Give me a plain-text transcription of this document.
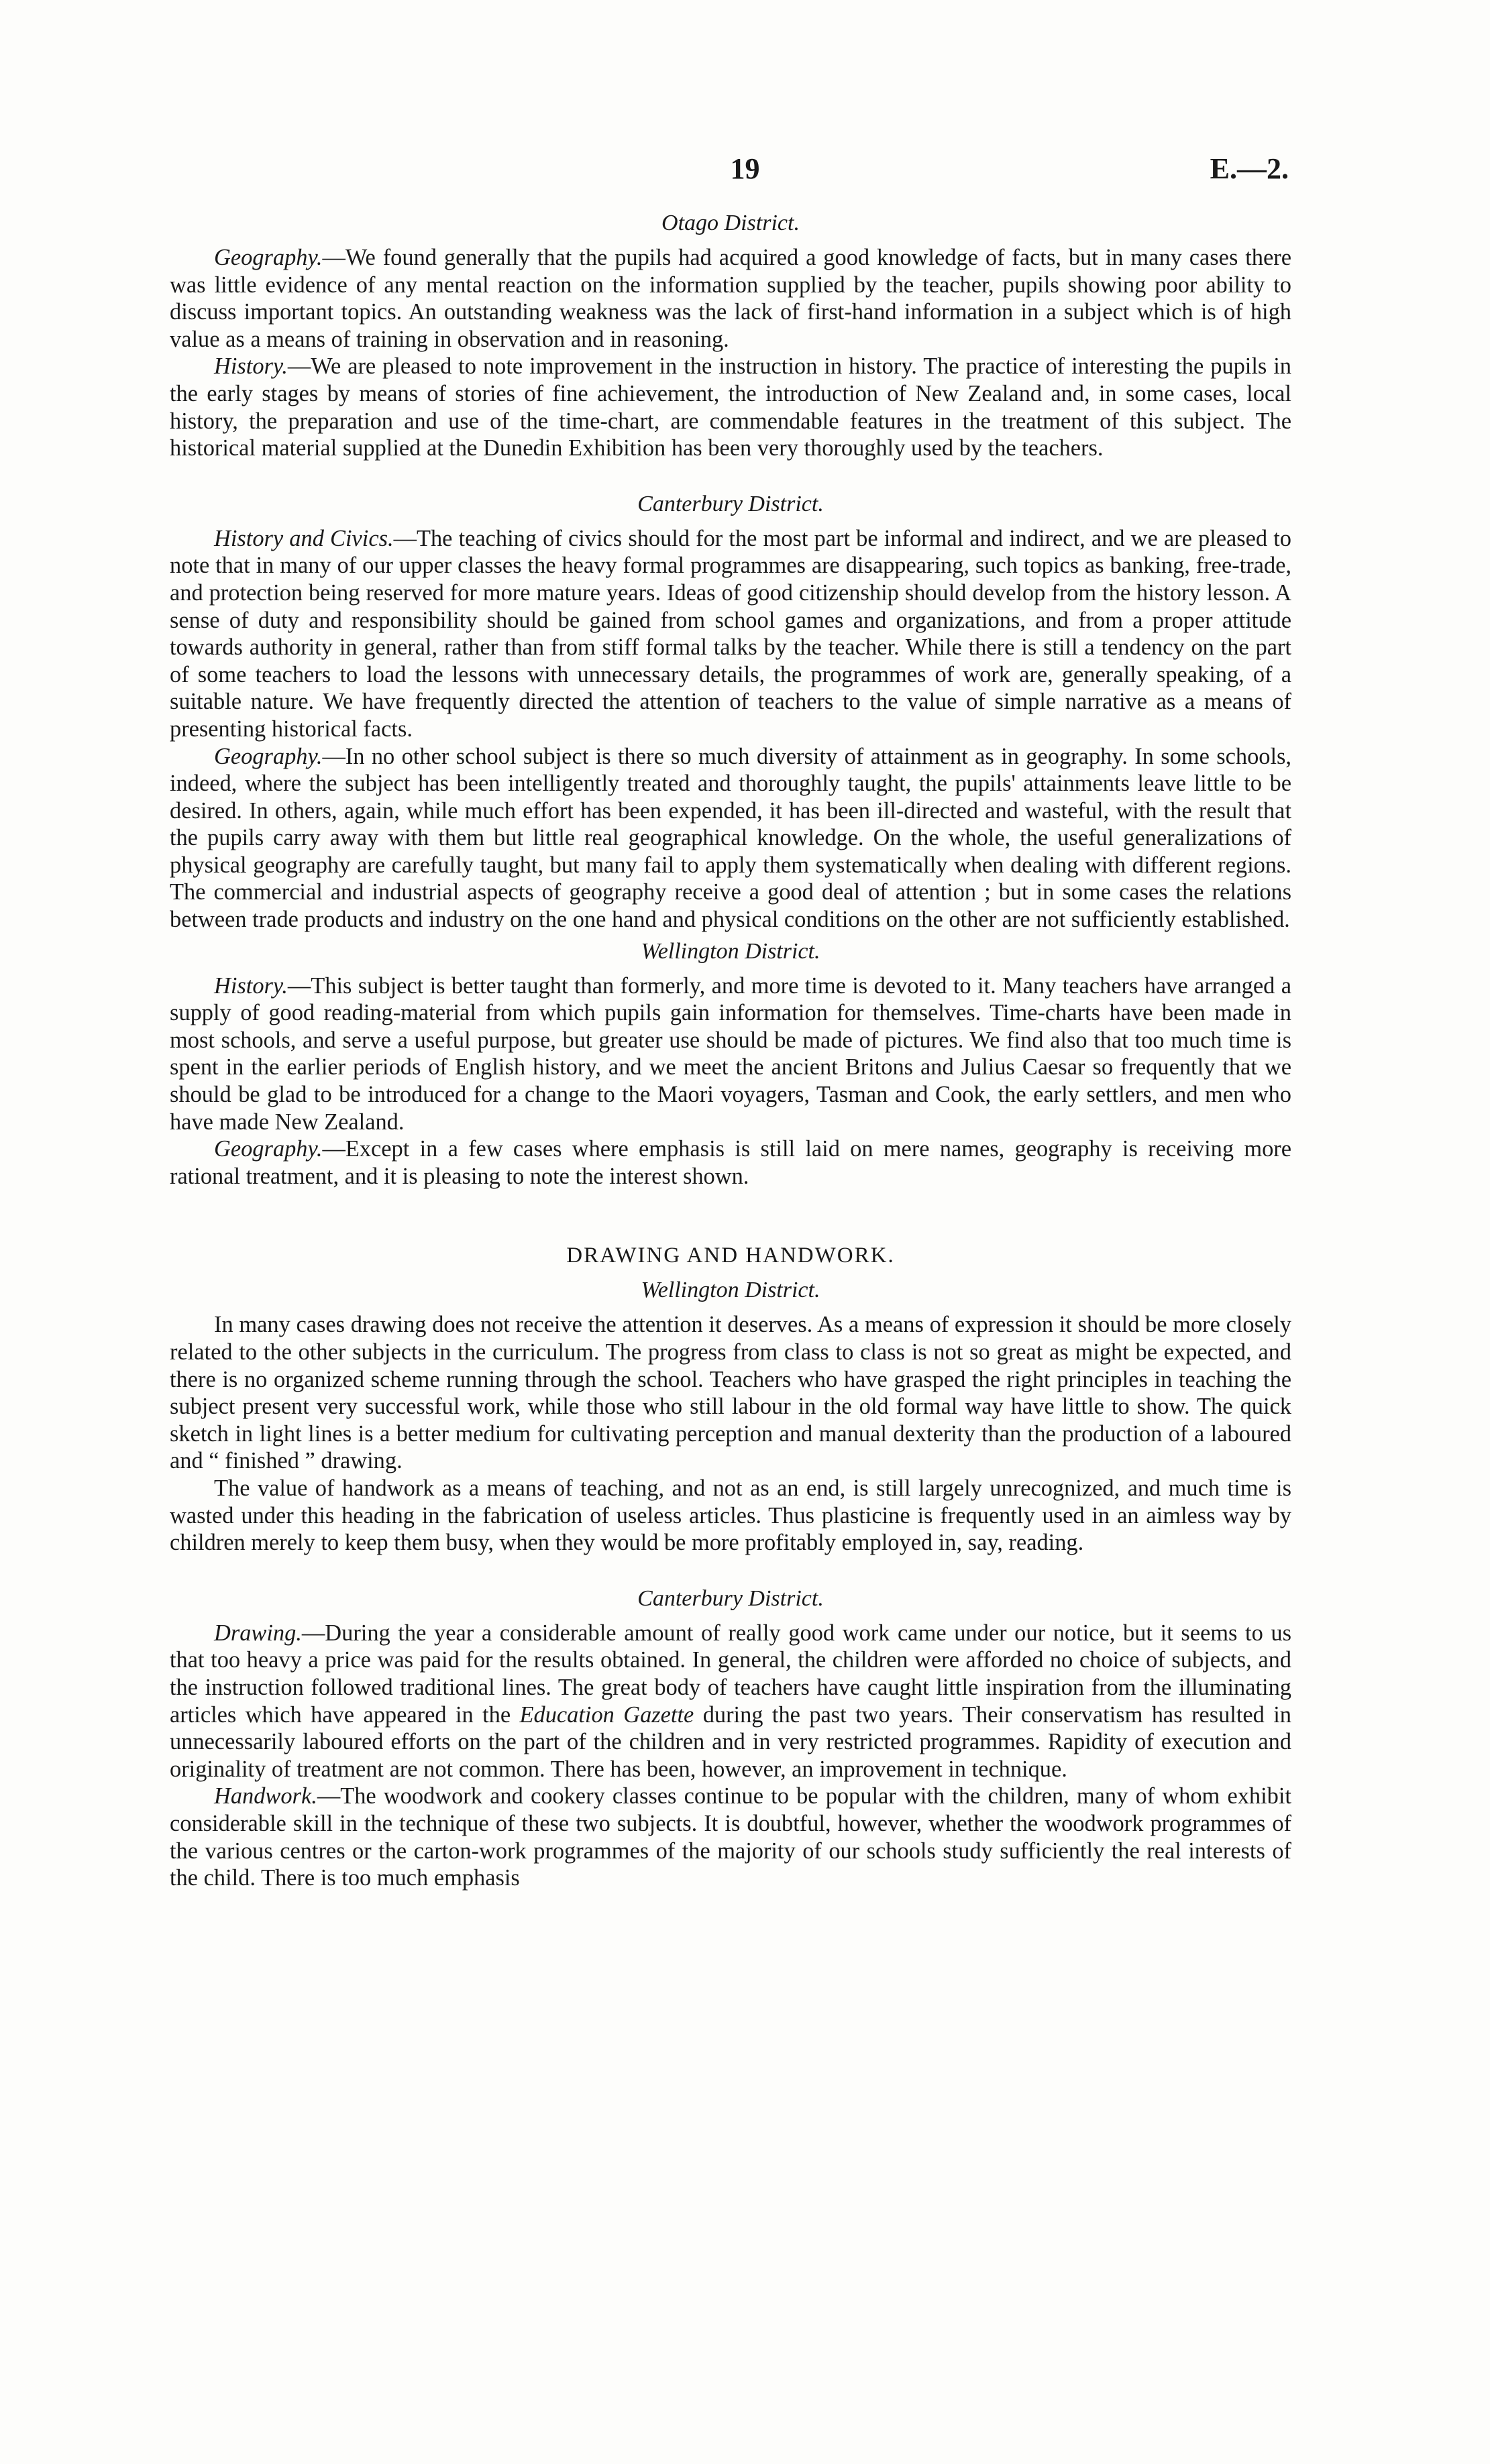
19	E.—2.
Otago District.

Geography.—We found generally that the pupils had acquired a good knowledge of facts, but in many cases there was little evidence of any mental reaction on the information supplied by the teacher, pupils showing poor ability to discuss important topics. An outstanding weakness was the lack of first-hand information in a subject which is of high value as a means of training in observation and in reasoning.

History.—We are pleased to note improvement in the instruction in history. The practice of interesting the pupils in the early stages by means of stories of fine achievement, the introduction of New Zealand and, in some cases, local history, the preparation and use of the time-chart, are commendable features in the treatment of this subject. The historical material supplied at the Dunedin Exhibition has been very thoroughly used by the teachers.

Canterbury District.

History and Civics.—The teaching of civics should for the most part be informal and indirect, and we are pleased to note that in many of our upper classes the heavy formal programmes are disappearing, such topics as banking, free-trade, and protection being reserved for more mature years. Ideas of good citizenship should develop from the history lesson. A sense of duty and responsibility should be gained from school games and organizations, and from a proper attitude towards authority in general, rather than from stiff formal talks by the teacher. While there is still a tendency on the part of some teachers to load the lessons with unnecessary details, the programmes of work are, generally speaking, of a suitable nature. We have frequently directed the attention of teachers to the value of simple narrative as a means of presenting historical facts.

Geography.—In no other school subject is there so much diversity of attainment as in geography. In some schools, indeed, where the subject has been intelligently treated and thoroughly taught, the pupils' attainments leave little to be desired. In others, again, while much effort has been expended, it has been ill-directed and wasteful, with the result that the pupils carry away with them but little real geographical knowledge. On the whole, the useful generalizations of physical geography are carefully taught, but many fail to apply them systematically when dealing with different regions. The commercial and industrial aspects of geography receive a good deal of attention ; but in some cases the relations between trade products and industry on the one hand and physical conditions on the other are not sufficiently established.

Wellington District.

History.—This subject is better taught than formerly, and more time is devoted to it. Many teachers have arranged a supply of good reading-material from which pupils gain information for themselves. Time-charts have been made in most schools, and serve a useful purpose, but greater use should be made of pictures. We find also that too much time is spent in the earlier periods of English history, and we meet the ancient Britons and Julius Caesar so frequently that we should be glad to be introduced for a change to the Maori voyagers, Tasman and Cook, the early settlers, and men who have made New Zealand.

Geography.—Except in a few cases where emphasis is still laid on mere names, geography is receiving more rational treatment, and it is pleasing to note the interest shown.

DRAWING AND HANDWORK.
Wellington District.

In many cases drawing does not receive the attention it deserves. As a means of expression it should be more closely related to the other subjects in the curriculum. The progress from class to class is not so great as might be expected, and there is no organized scheme running through the school. Teachers who have grasped the right principles in teaching the subject present very successful work, while those who still labour in the old formal way have little to show. The quick sketch in light lines is a better medium for cultivating perception and manual dexterity than the production of a laboured and “ finished ” drawing.

The value of handwork as a means of teaching, and not as an end, is still largely unrecognized, and much time is wasted under this heading in the fabrication of useless articles. Thus plasticine is frequently used in an aimless way by children merely to keep them busy, when they would be more profitably employed in, say, reading.

Canterbury District.

Drawing.—During the year a considerable amount of really good work came under our notice, but it seems to us that too heavy a price was paid for the results obtained. In general, the children were afforded no choice of subjects, and the instruction followed traditional lines. The great body of teachers have caught little inspiration from the illuminating articles which have appeared in the Education Gazette during the past two years. Their conservatism has resulted in unnecessarily laboured efforts on the part of the children and in very restricted programmes. Rapidity of execution and originality of treatment are not common. There has been, however, an improvement in technique.

Handwork.—The woodwork and cookery classes continue to be popular with the children, many of whom exhibit considerable skill in the technique of these two subjects. It is doubtful, however, whether the woodwork programmes of the various centres or the carton-work programmes of the majority of our schools study sufficiently the real interests of the child. There is too much emphasis
